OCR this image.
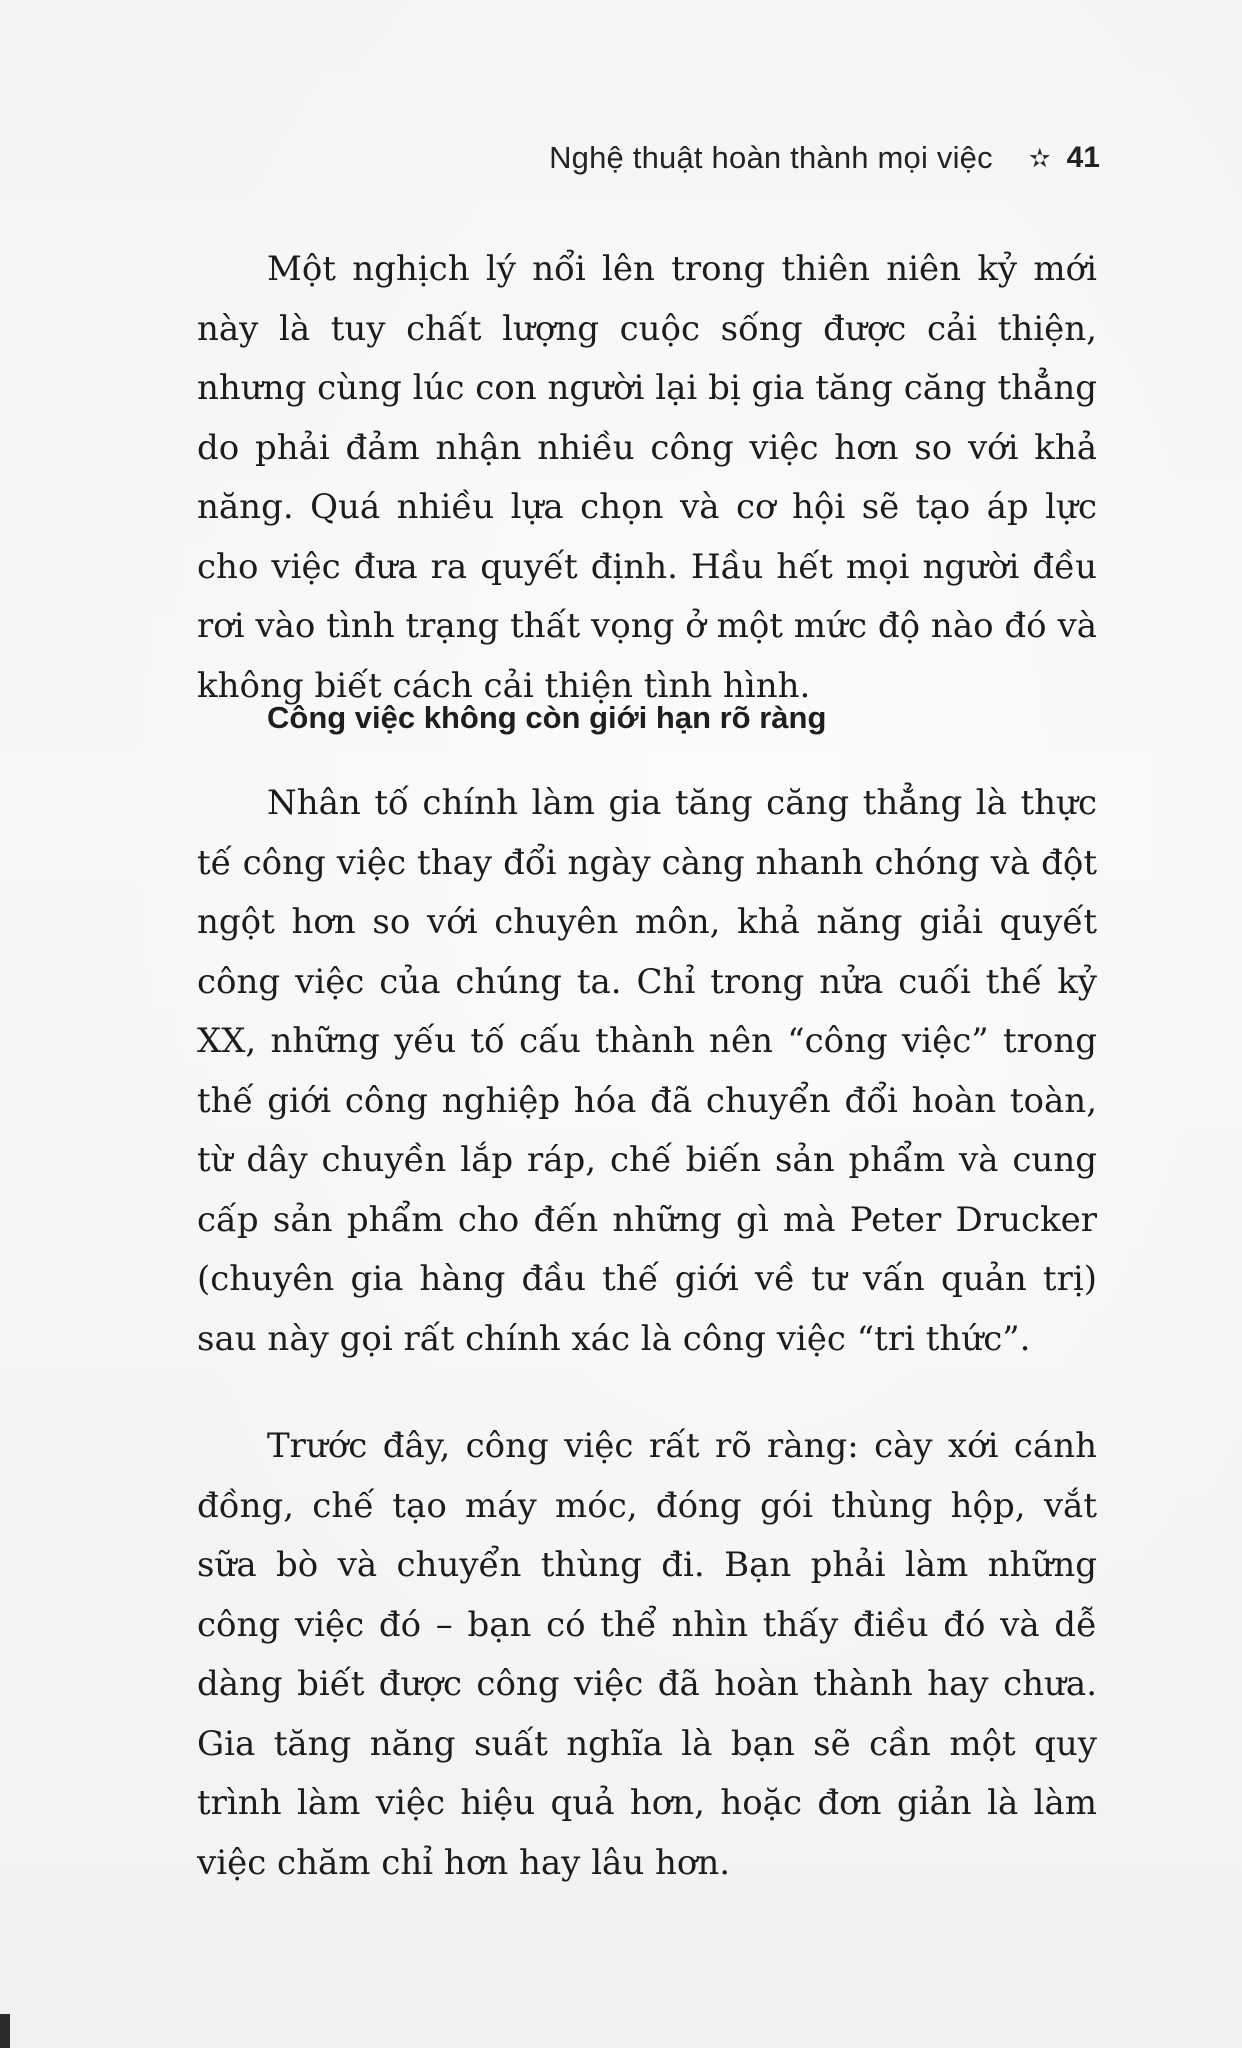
Nghệ thuật hoàn thành mọi việc ✫ 41

Một nghịch lý nổi lên trong thiên niên kỷ mới này là tuy chất lượng cuộc sống được cải thiện, nhưng cùng lúc con người lại bị gia tăng căng thẳng do phải đảm nhận nhiều công việc hơn so với khả năng. Quá nhiều lựa chọn và cơ hội sẽ tạo áp lực cho việc đưa ra quyết định. Hầu hết mọi người đều rơi vào tình trạng thất vọng ở một mức độ nào đó và không biết cách cải thiện tình hình.

Công việc không còn giới hạn rõ ràng

Nhân tố chính làm gia tăng căng thẳng là thực tế công việc thay đổi ngày càng nhanh chóng và đột ngột hơn so với chuyên môn, khả năng giải quyết công việc của chúng ta. Chỉ trong nửa cuối thế kỷ XX, những yếu tố cấu thành nên “công việc” trong thế giới công nghiệp hóa đã chuyển đổi hoàn toàn, từ dây chuyền lắp ráp, chế biến sản phẩm và cung cấp sản phẩm cho đến những gì mà Peter Drucker (chuyên gia hàng đầu thế giới về tư vấn quản trị) sau này gọi rất chính xác là công việc “tri thức”.

Trước đây, công việc rất rõ ràng: cày xới cánh đồng, chế tạo máy móc, đóng gói thùng hộp, vắt sữa bò và chuyển thùng đi. Bạn phải làm những công việc đó – bạn có thể nhìn thấy điều đó và dễ dàng biết được công việc đã hoàn thành hay chưa. Gia tăng năng suất nghĩa là bạn sẽ cần một quy trình làm việc hiệu quả hơn, hoặc đơn giản là làm việc chăm chỉ hơn hay lâu hơn.
